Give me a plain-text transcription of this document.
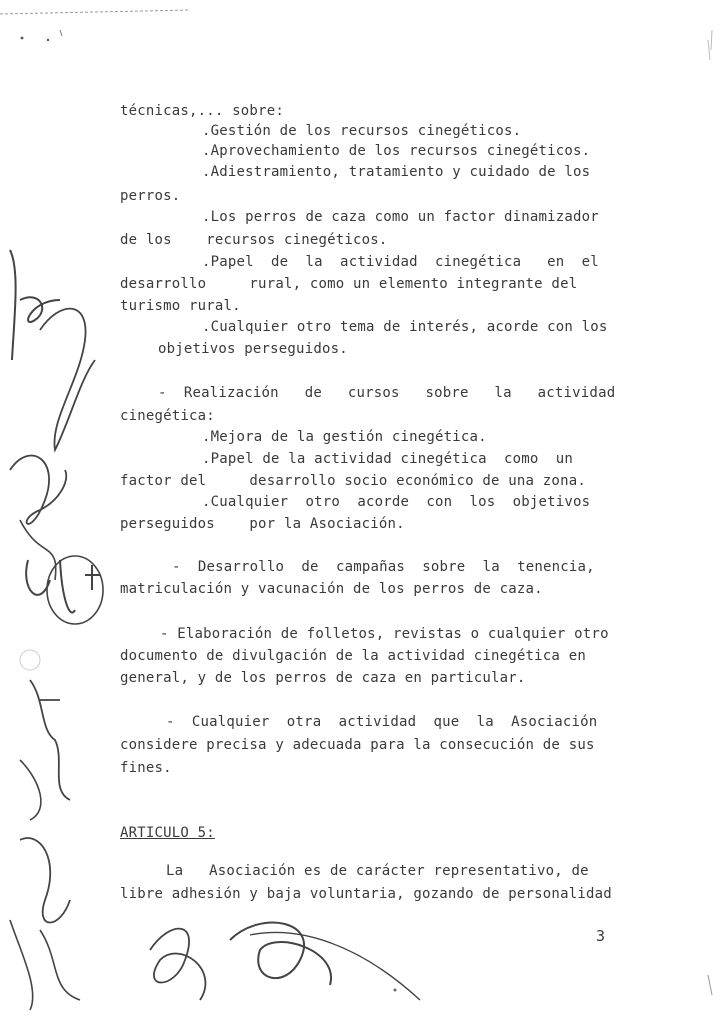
técnicas,... sobre:
.Gestión de los recursos cinegéticos.
.Aprovechamiento de los recursos cinegéticos.
.Adiestramiento, tratamiento y cuidado de los
perros.
.Los perros de caza como un factor dinamizador
de los    recursos cinegéticos.
.Papel  de  la  actividad  cinegética   en  el
desarrollo     rural, como un elemento integrante del
turismo rural.
.Cualquier otro tema de interés, acorde con los
objetivos perseguidos.
-  Realización   de   cursos   sobre   la   actividad
cinegética:
.Mejora de la gestión cinegética.
.Papel de la actividad cinegética  como  un
factor del     desarrollo socio económico de una zona.
.Cualquier  otro  acorde  con  los  objetivos
perseguidos    por la Asociación.
-  Desarrollo  de  campañas  sobre  la  tenencia,
matriculación y vacunación de los perros de caza.
- Elaboración de folletos, revistas o cualquier otro
documento de divulgación de la actividad cinegética en
general, y de los perros de caza en particular.
-  Cualquier  otra  actividad  que  la  Asociación
considere precisa y adecuada para la consecución de sus
fines.
ARTICULO 5:
La   Asociación es de carácter representativo, de
libre adhesión y baja voluntaria, gozando de personalidad
3
